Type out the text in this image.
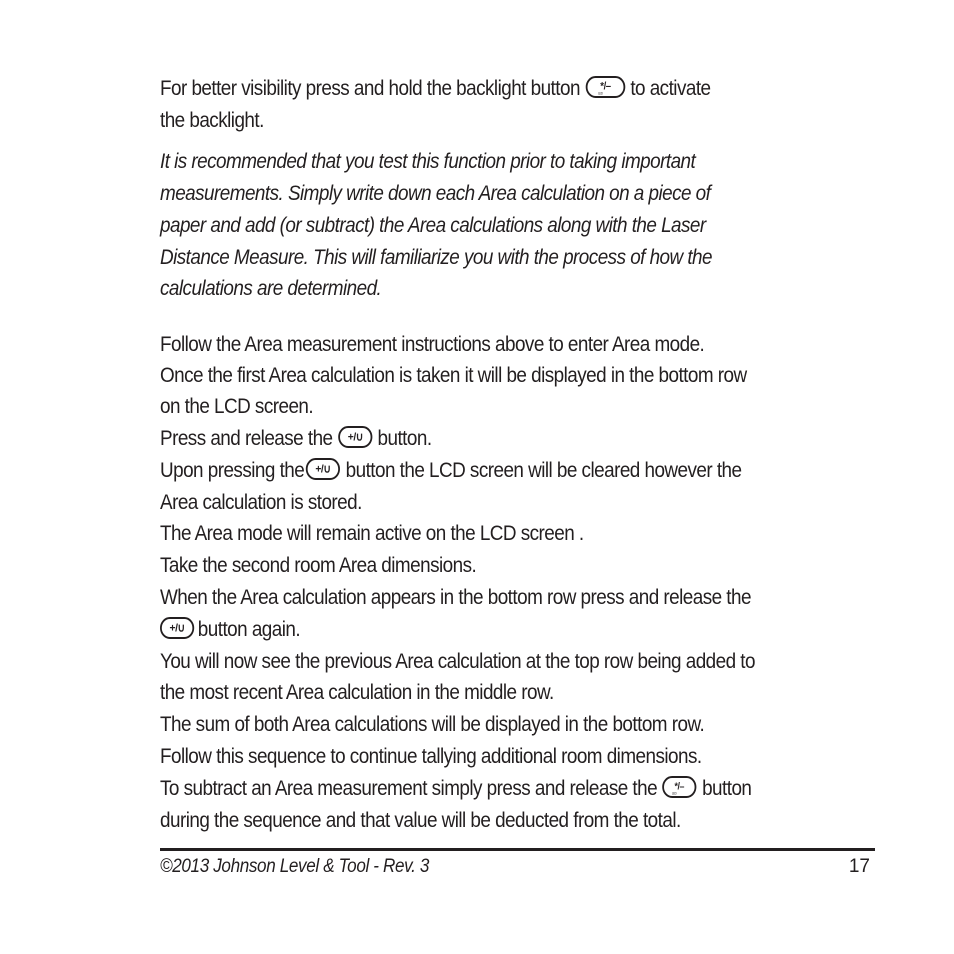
For better visibility press and hold the backlight button */–
LED to activate
the backlight.
It is recommended that you test this function prior to taking important
measurements. Simply write down each Area calculation on a piece of
paper and add (or subtract) the Area calculations along with the Laser
Distance Measure. This will familiarize you with the process of how the
calculations are determined.
Follow the Area measurement instructions above to enter Area mode.
Once the first Area calculation is taken it will be displayed in the bottom row
on the LCD screen.
Press and release the +/∪ button.
Upon pressing the +/∪ button the LCD screen will be cleared however the
Area calculation is stored.
The Area mode will remain active on the LCD screen .
Take the second room Area dimensions.
When the Area calculation appears in the bottom row press and release the
+/∪ button again.
You will now see the previous Area calculation at the top row being added to
the most recent Area calculation in the middle row.
The sum of both Area calculations will be displayed in the bottom row.
Follow this sequence to continue tallying additional room dimensions.
To subtract an Area measurement simply press and release the */–
LED button
during the sequence and that value will be deducted from the total.
©2013 Johnson Level & Tool - Rev. 3	17
